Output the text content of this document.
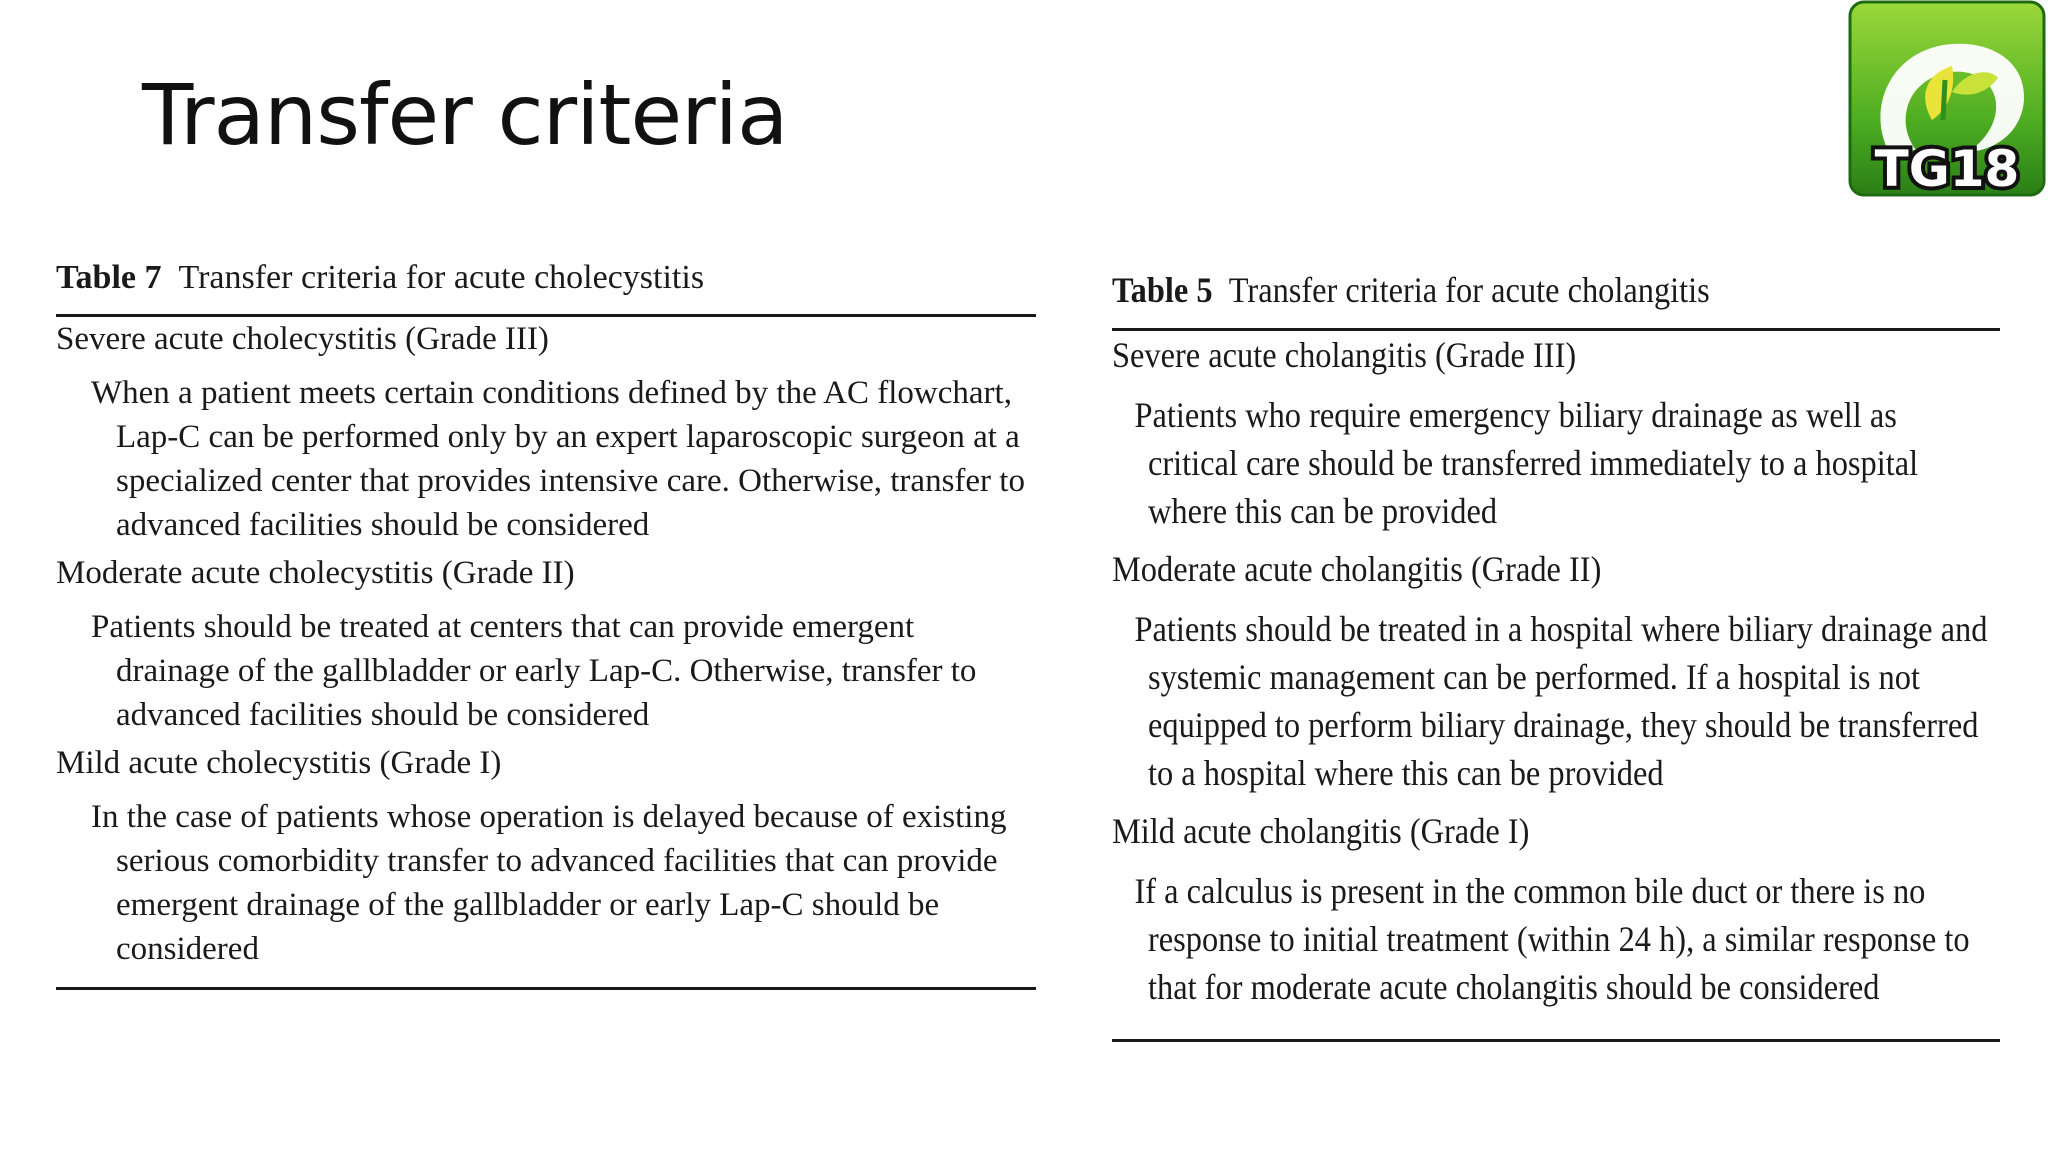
Transfer criteria
TG18

Table 7 Transfer criteria for acute cholecystitis

Severe acute cholecystitis (Grade III)

When a patient meets certain conditions defined by the AC flowchart, Lap-C can be performed only by an expert laparoscopic surgeon at a specialized center that provides intensive care. Otherwise, transfer to advanced facilities should be considered

Moderate acute cholecystitis (Grade II)

Patients should be treated at centers that can provide emergent drainage of the gallbladder or early Lap-C. Otherwise, transfer to advanced facilities should be considered

Mild acute cholecystitis (Grade I)

In the case of patients whose operation is delayed because of existing serious comorbidity transfer to advanced facilities that can provide emergent drainage of the gallbladder or early Lap-C should be considered

Table 5 Transfer criteria for acute cholangitis

Severe acute cholangitis (Grade III)

Patients who require emergency biliary drainage as well as critical care should be transferred immediately to a hospital where this can be provided

Moderate acute cholangitis (Grade II)

Patients should be treated in a hospital where biliary drainage and systemic management can be performed. If a hospital is not equipped to perform biliary drainage, they should be transferred to a hospital where this can be provided

Mild acute cholangitis (Grade I)

If a calculus is present in the common bile duct or there is no response to initial treatment (within 24 h), a similar response to that for moderate acute cholangitis should be considered
